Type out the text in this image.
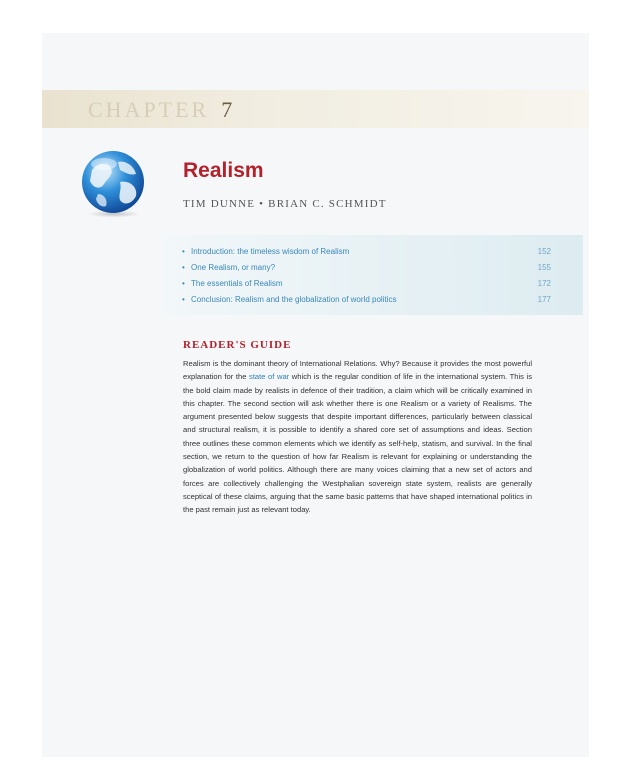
CHAPTER 7
Realism
TIM DUNNE • BRIAN C. SCHMIDT
• Introduction: the timeless wisdom of Realism	152
• One Realism, or many?	155
• The essentials of Realism	172
• Conclusion: Realism and the globalization of world politics	177
READER'S GUIDE
Realism is the dominant theory of International Relations. Why? Because it provides the most powerful explanation for the state of war which is the regular condition of life in the international system. This is the bold claim made by realists in defence of their tradition, a claim which will be critically examined in this chapter. The second section will ask whether there is one Realism or a variety of Realisms. The argument presented below suggests that despite important differences, particularly between classical and structural realism, it is possible to identify a shared core set of assumptions and ideas. Section three outlines these common elements which we identify as self-help, statism, and survival. In the final section, we return to the question of how far Realism is relevant for explaining or understanding the globalization of world politics. Although there are many voices claiming that a new set of actors and forces are collectively challenging the Westphalian sovereign state system, realists are generally sceptical of these claims, arguing that the same basic patterns that have shaped international politics in the past remain just as relevant today.
